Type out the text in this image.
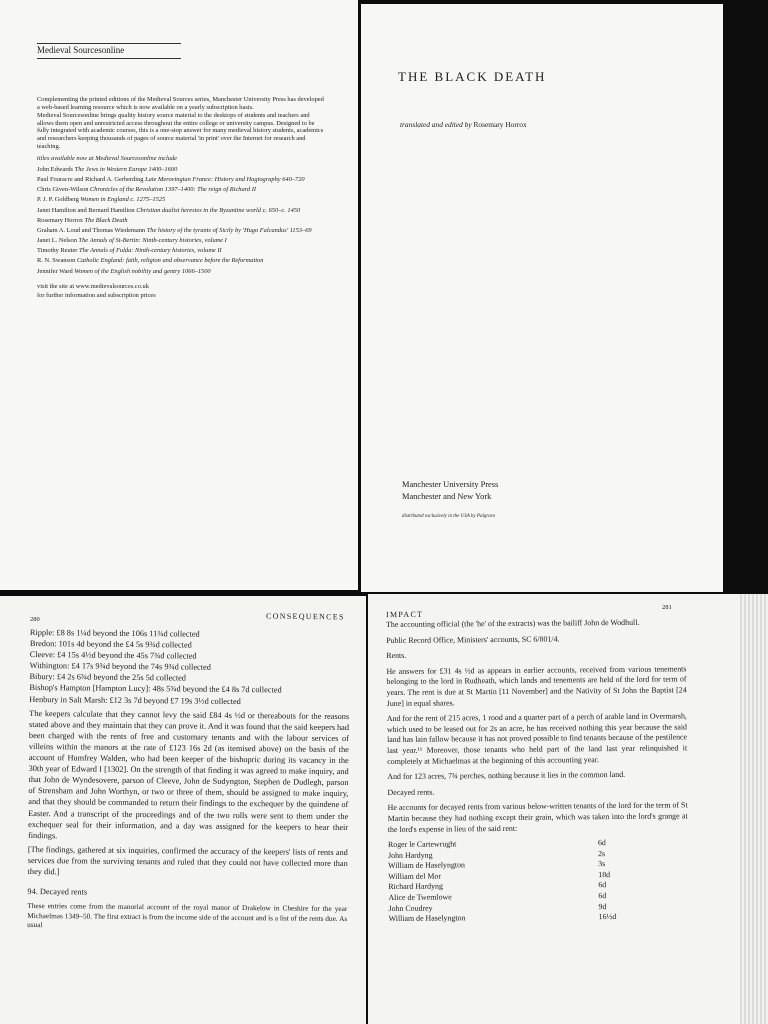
Medieval Sourcesonline

Complementing the printed editions of the Medieval Sources series, Manchester University Press has developed a web-based learning resource which is now available on a yearly subscription basis.

Medieval Sourcesonline brings quality history source material to the desktops of students and teachers and allows them open and unrestricted access throughout the entire college or university campus. Designed to be fully integrated with academic courses, this is a one-stop answer for many medieval history students, academics and researchers keeping thousands of pages of source material 'in print' over the Internet for research and teaching.

titles available now at Medieval Sourcesonline include

John Edwards The Jews in Western Europe 1400–1600

Paul Fouracre and Richard A. Gerberding Late Merovingian France: History and Hagiography 640–720

Chris Given-Wilson Chronicles of the Revolution 1397–1400: The reign of Richard II

P. J. P. Goldberg Women in England c. 1275–1525

Janet Hamilton and Bernard Hamilton Christian dualist heresies in the Byzantine world c. 650–c. 1450

Rosemary Horrox The Black Death

Graham A. Loud and Thomas Wiedemann The history of the tyrants of Sicily by 'Hugo Falcandus' 1153–69

Janet L. Nelson The Annals of St-Bertin: Ninth-century histories, volume I

Timothy Reuter The Annals of Fulda: Ninth-century histories, volume II

R. N. Swanson Catholic England: faith, religion and observance before the Reformation

Jennifer Ward Women of the English nobility and gentry 1066–1500

visit the site at www.medievalsources.co.uk

for further information and subscription prices

THE BLACK DEATH
translated and edited by Rosemary Horrox
Manchester University Press
Manchester and New York
distributed exclusively in the USA by Palgrave
280	CONSEQUENCES

Ripple: £8 8s 1¼d beyond the 106s 11¾d collected

Bredon: 101s 4d beyond the £4 5s 9¾d collected

Cleeve: £4 15s 4½d beyond the 45s 7¾d collected

Withington: £4 17s 9¾d beyond the 74s 9¾d collected

Bibury: £4 2s 6¾d beyond the 25s 5d collected

Bishop's Hampton [Hampton Lucy]: 48s 5¾d beyond the £4 8s 7d collected

Henbury in Salt Marsh: £12 3s 7d beyond £7 19s 3½d collected

The keepers calculate that they cannot levy the said £84 4s ½d or thereabouts for the reasons stated above and they maintain that they can prove it. And it was found that the said keepers had been charged with the rents of free and customary tenants and with the labour services of villeins within the manors at the rate of £123 16s 2d (as itemised above) on the basis of the account of Humfrey Walden, who had been keeper of the bishopric during its vacancy in the 30th year of Edward I [1302]. On the strength of that finding it was agreed to make inquiry, and that John de Wyndesovere, parson of Cleeve, John de Sudyngton, Stephen de Dudlegh, parson of Strensham and John Worthyn, or two or three of them, should be assigned to make inquiry, and that they should be commanded to return their findings to the exchequer by the quindene of Easter. And a transcript of the proceedings and of the two rolls were sent to them under the exchequer seal for their information, and a day was assigned for the keepers to hear their findings.

[The findings, gathered at six inquiries, confirmed the accuracy of the keepers' lists of rents and services due from the surviving tenants and ruled that they could not have collected more than they did.]

94. Decayed rents

These entries come from the manorial account of the royal manor of Drakelow in Cheshire for the year Michaelmas 1349–50. The first extract is from the income side of the account and is a list of the rents due. As usual

IMPACT
281

The accounting official (the 'he' of the extracts) was the bailiff John de Wodhull.

Public Record Office, Ministers' accounts, SC 6/801/4.

Rents.

He answers for £31 4s ½d as appears in earlier accounts, received from various tenements belonging to the lord in Rudheath, which lands and tenements are held of the lord for term of years. The rent is due at St Martin [11 November] and the Nativity of St John the Baptist [24 June] in equal shares.

And for the rent of 215 acres, 1 rood and a quarter part of a perch of arable land in Overmarsh, which used to be leased out for 2s an acre, he has received nothing this year because the said land has lain fallow because it has not proved possible to find tenants because of the pestilence last year.¹¹ Moreover, those tenants who held part of the land last year relinquished it completely at Michaelmas at the beginning of this accounting year.

And for 123 acres, 7¾ perches, nothing because it lies in the common land.

Decayed rents.

He accounts for decayed rents from various below-written tenants of the lord for the term of St Martin because they had nothing except their grain, which was taken into the lord's grange at the lord's expense in lieu of the said rent:

Roger le Cartewrught	6d
John Hardyng	2s
William de Haselyngton	3s
William del Mor	18d
Richard Hardyng	6d
Alice de Twemlowe	6d
John Coudrey	9d
William de Haselyngton	16½d
